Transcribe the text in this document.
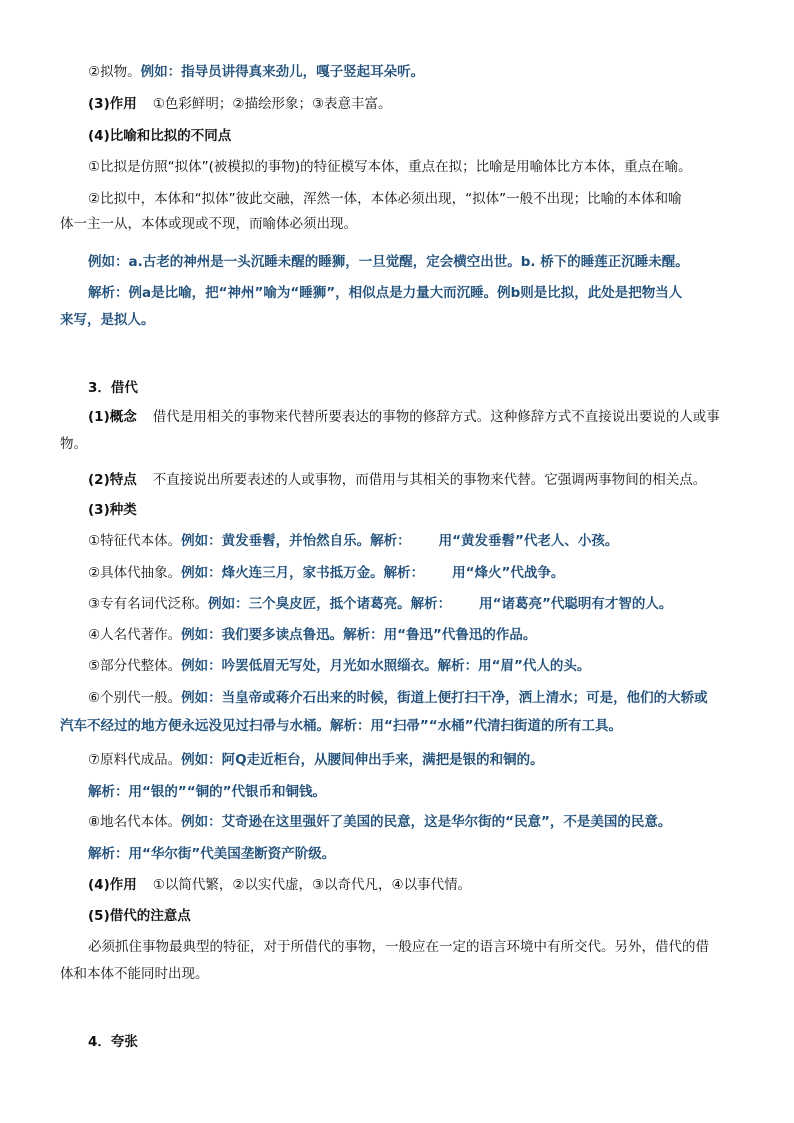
②拟物。例如：指导员讲得真来劲儿，嘎子竖起耳朵听。
(3)作用 ①色彩鲜明；②描绘形象；③表意丰富。
(4)比喻和比拟的不同点
①比拟是仿照“拟体”(被模拟的事物)的特征模写本体，重点在拟；比喻是用喻体比方本体，重点在喻。
②比拟中，本体和“拟体”彼此交融，浑然一体，本体必须出现，“拟体”一般不出现；比喻的本体和喻
体一主一从，本体或现或不现，而喻体必须出现。
例如：a.古老的神州是一头沉睡未醒的睡狮，一旦觉醒，定会横空出世。b. 桥下的睡莲正沉睡未醒。
解析：例a是比喻，把“神州”喻为“睡狮”，相似点是力量大而沉睡。例b则是比拟，此处是把物当人
来写，是拟人。
3．借代
(1)概念 借代是用相关的事物来代替所要表达的事物的修辞方式。这种修辞方式不直接说出要说的人或事
物。
(2)特点 不直接说出所要表述的人或事物，而借用与其相关的事物来代替。它强调两事物间的相关点。
(3)种类
①特征代本体。例如：黄发垂髫，并怡然自乐。解析： 用“黄发垂髫”代老人、小孩。
②具体代抽象。例如：烽火连三月，家书抵万金。解析： 用“烽火”代战争。
③专有名词代泛称。例如：三个臭皮匠，抵个诸葛亮。解析： 用“诸葛亮”代聪明有才智的人。
④人名代著作。例如：我们要多读点鲁迅。解析：用“鲁迅”代鲁迅的作品。
⑤部分代整体。例如：吟罢低眉无写处，月光如水照缁衣。解析：用“眉”代人的头。
⑥个别代一般。例如：当皇帝或蒋介石出来的时候，街道上便打扫干净，洒上清水；可是，他们的大轿或
汽车不经过的地方便永远没见过扫帚与水桶。解析：用“扫帚”“水桶”代清扫街道的所有工具。
⑦原料代成品。例如：阿Q走近柜台，从腰间伸出手来，满把是银的和铜的。
解析：用“银的”“铜的”代银币和铜钱。
⑧地名代本体。例如：艾奇逊在这里强奸了美国的民意，这是华尔街的“民意”，不是美国的民意。
解析：用“华尔街”代美国垄断资产阶级。
(4)作用 ①以简代繁，②以实代虚，③以奇代凡，④以事代情。
(5)借代的注意点
必须抓住事物最典型的特征，对于所借代的事物，一般应在一定的语言环境中有所交代。另外，借代的借
体和本体不能同时出现。
4．夸张
